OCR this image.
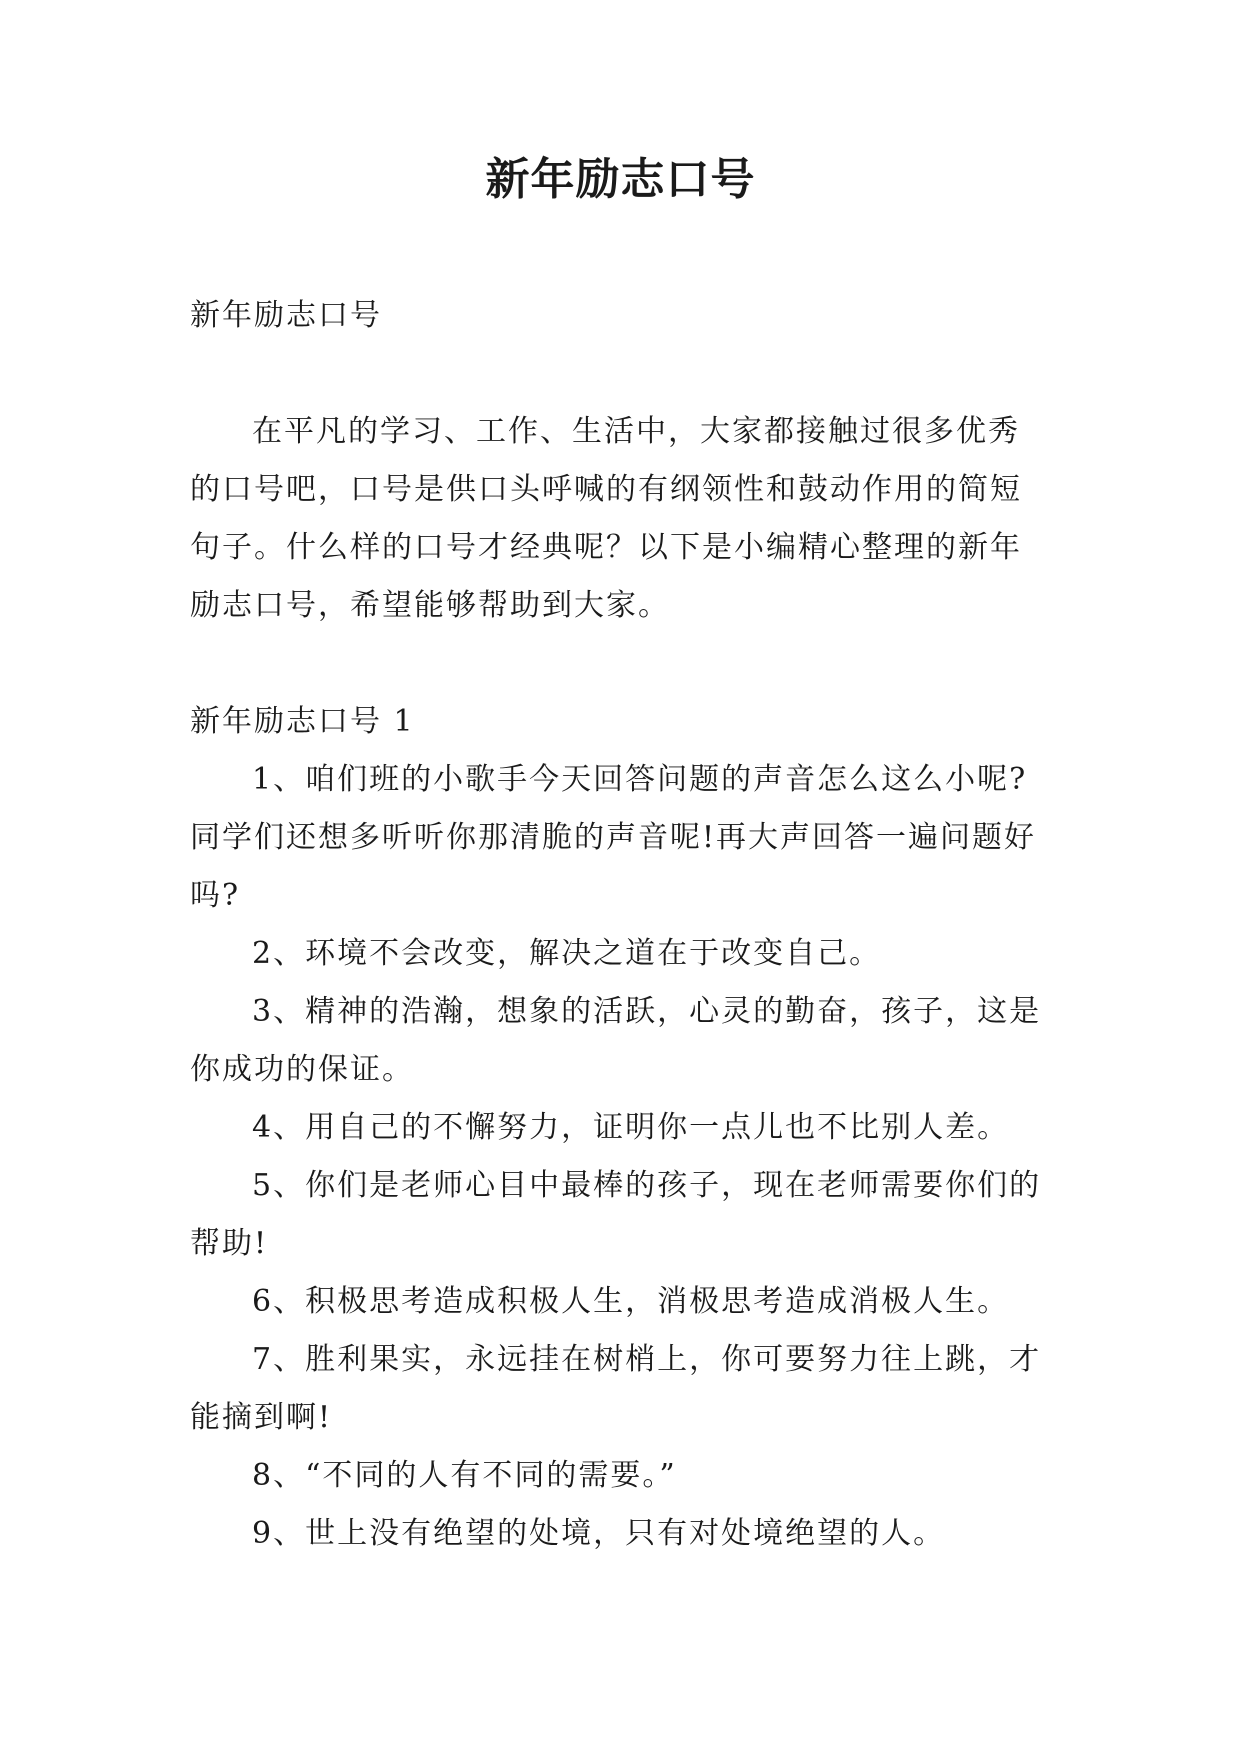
新年励志口号

新年励志口号

在平凡的学习、工作、生活中，大家都接触过很多优秀的口号吧，口号是供口头呼喊的有纲领性和鼓动作用的简短句子。什么样的口号才经典呢？以下是小编精心整理的新年励志口号，希望能够帮助到大家。

新年励志口号 1

1、咱们班的小歌手今天回答问题的声音怎么这么小呢?同学们还想多听听你那清脆的声音呢!再大声回答一遍问题好吗?

2、环境不会改变，解决之道在于改变自己。

3、精神的浩瀚，想象的活跃，心灵的勤奋，孩子，这是你成功的保证。

4、用自己的不懈努力，证明你一点儿也不比别人差。

5、你们是老师心目中最棒的孩子，现在老师需要你们的帮助!

6、积极思考造成积极人生，消极思考造成消极人生。

7、胜利果实，永远挂在树梢上，你可要努力往上跳，才能摘到啊!

8、“不同的人有不同的需要。”

9、世上没有绝望的处境，只有对处境绝望的人。
